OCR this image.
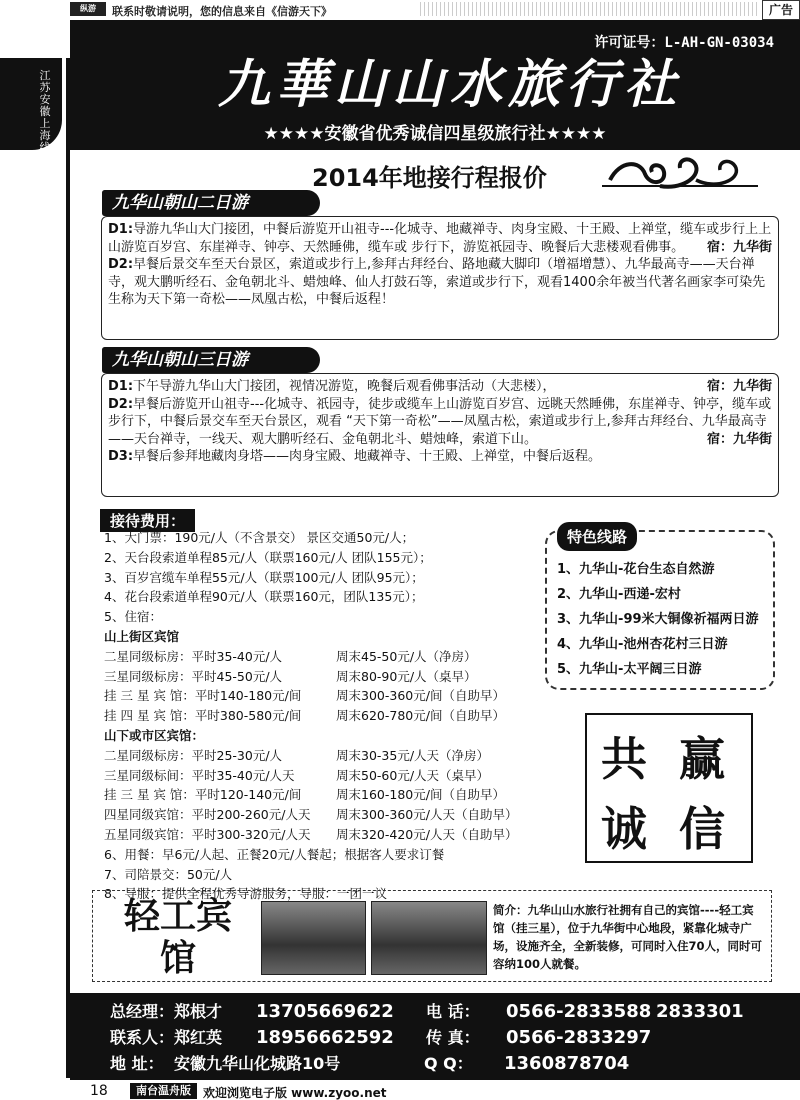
纵游	联系时敬请说明，您的信息来自《信游天下》	广告
江苏安徽上海线
许可证号：L-AH-GN-03034
九華山山水旅行社
★★★★安徽省优秀诚信四星级旅行社★★★★
2014年地接行程报价
九华山朝山二日游
D1:导游九华山大门接团，中餐后游览开山祖寺---化城寺、地藏禅寺、肉身宝殿、十王殿、上禅堂，缆车或步行上上山游览百岁宫、东崖禅寺、钟亭、天然睡佛，缆车或 步行下，游览祇园寺、晚餐后大悲楼观看佛事。 宿：九华街
D2:早餐后景交车至天台景区，索道或步行上,参拜古拜经台、路地藏大脚印（增福增慧）、九华最高寺——天台禅寺，观大鹏听经石、金龟朝北斗、蜡烛峰、仙人打鼓石等，索道或步行下，观看1400余年被当代著名画家李可染先生称为天下第一奇松——凤凰古松，中餐后返程！
九华山朝山三日游
D1:下午导游九华山大门接团，视情况游览，晚餐后观看佛事活动（大悲楼），	宿：九华街
D2:早餐后游览开山祖寺---化城寺、祇园寺，徒步或缆车上山游览百岁宫、远眺天然睡佛，东崖禅寺、钟亭，缆车或步行下，中餐后景交车至天台景区，观看 “天下第一奇松”——凤凰古松，索道或步行上,参拜古拜经台、九华最高寺——天台禅寺，一线天、观大鹏听经石、金龟朝北斗、蜡烛峰，索道下山。	宿：九华街
D3:早餐后参拜地藏肉身塔——肉身宝殿、地藏禅寺、十王殿、上禅堂，中餐后返程。
接待费用：
1、大门票：190元/人（不含景交） 景区交通50元/人；
2、天台段索道单程85元/人（联票160元/人 团队155元）；
3、百岁宫缆车单程55元/人（联票100元/人 团队95元）；
4、花台段索道单程90元/人（联票160元，团队135元）；
5、住宿：
山上街区宾馆
二星同级标房：平时35-40元/人	周末45-50元/人（净房）
三星同级标房：平时45-50元/人	周末80-90元/人（桌早）
挂 三 星 宾 馆：平时140-180元/间	周末300-360元/间（自助早）
挂 四 星 宾 馆：平时380-580元/间	周末620-780元/间（自助早）
山下或市区宾馆：
二星同级标房：平时25-30元/人	周末30-35元/人天（净房）
三星同级标间：平时35-40元/人天	周末50-60元/人天（桌早）
挂 三 星 宾 馆：平时120-140元/间	周末160-180元/间（自助早）
四星同级宾馆：平时200-260元/人天 周末300-360元/人天（自助早）
五星同级宾馆：平时300-320元/人天 周末320-420元/人天（自助早）
6、用餐：早6元/人起、正餐20元/人餐起；根据客人要求订餐
7、司陪景交：50元/人
8、导服：提供全程优秀导游服务，导服：一团一议
特色线路
1、九华山-花台生态自然游
2、九华山-西递-宏村
3、九华山-99米大铜像祈福两日游
4、九华山-池州杏花村三日游
5、九华山-太平阔三日游
共 赢
诚 信
轻工宾馆
简介：九华山山水旅行社拥有自己的宾馆----轻工宾馆（挂三星），位于九华街中心地段，紧靠化城寺广场，设施齐全，全新装修，可同时入住70人，同时可容纳100人就餐。
总经理：郑根才 13705669622 电 话： 0566-2833588 2833301
联系人：郑红英 18956662592 传 真： 0566-2833297
地 址： 安徽九华山化城路10号	Q Q： 1360878704
18	南台温舟版	欢迎浏览电子版 www.zyoo.net
